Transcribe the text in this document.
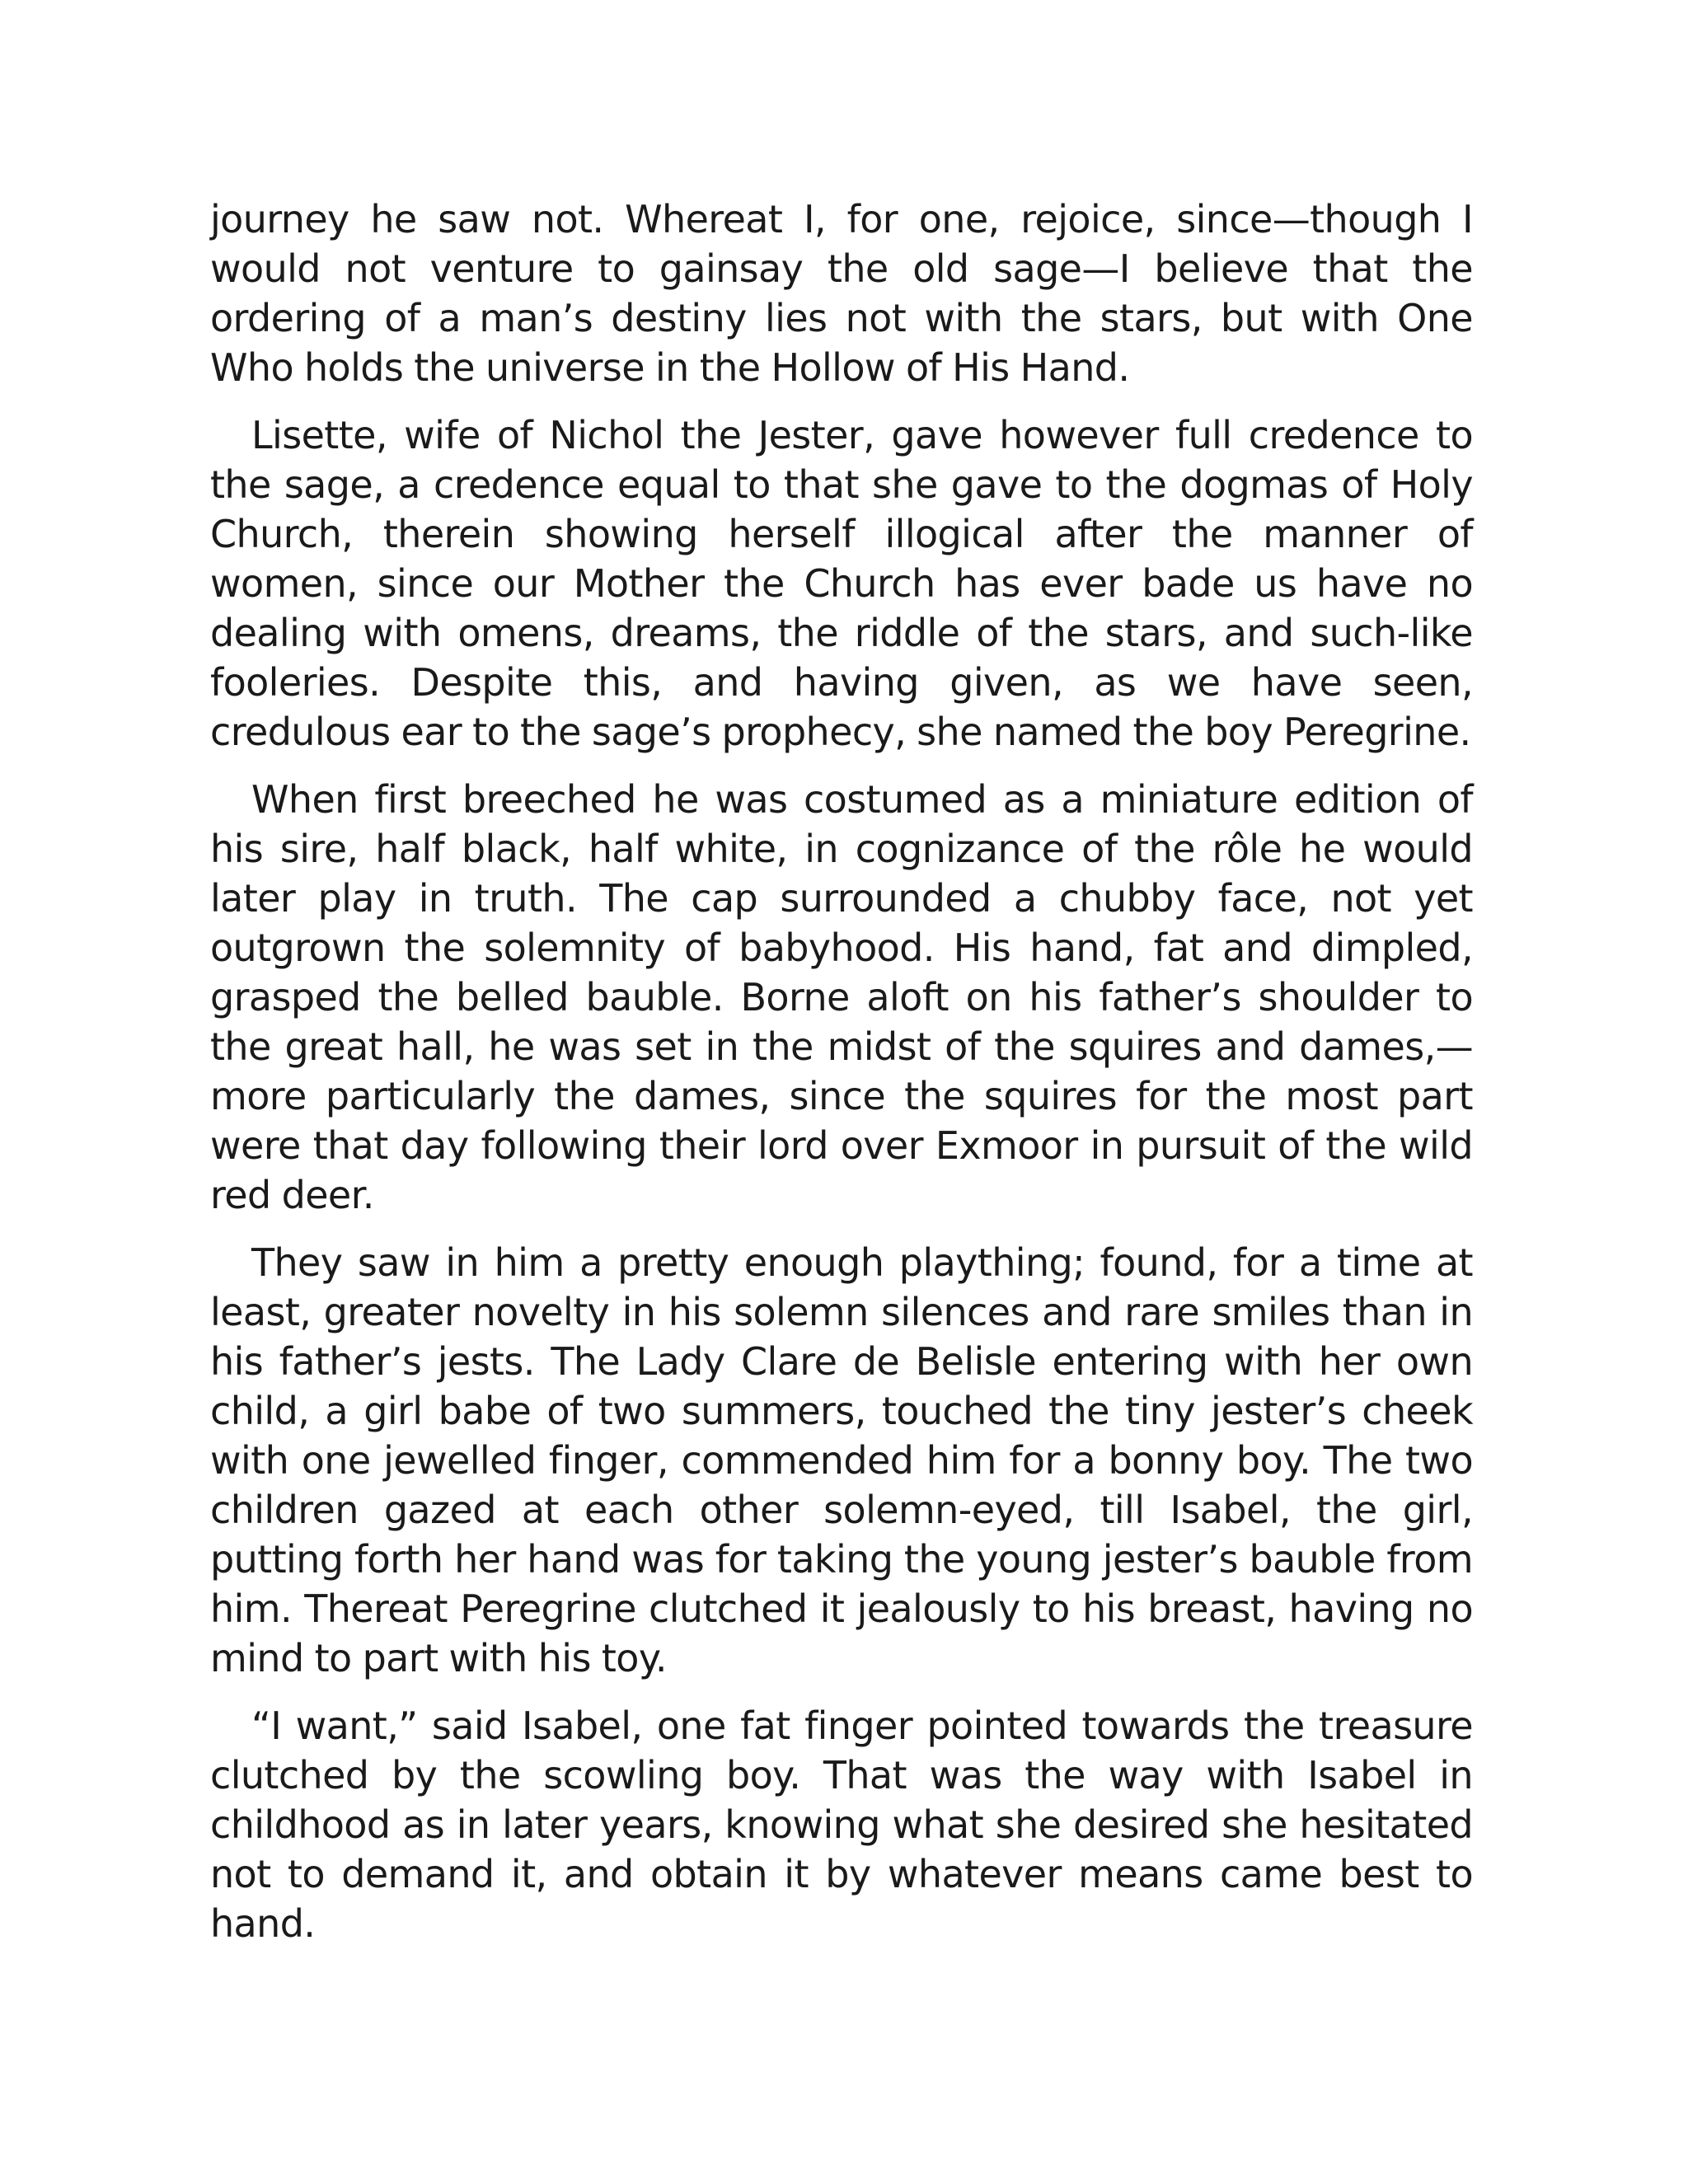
journey he saw not. Whereat I, for one, rejoice, since—though I would not venture to gainsay the old sage—I believe that the ordering of a man’s destiny lies not with the stars, but with One Who holds the universe in the Hollow of His Hand.

Lisette, wife of Nichol the Jester, gave however full credence to the sage, a credence equal to that she gave to the dogmas of Holy Church, therein showing herself illogical after the manner of women, since our Mother the Church has ever bade us have no dealing with omens, dreams, the riddle of the stars, and such-like fooleries. Despite this, and having given, as we have seen, credulous ear to the sage’s prophecy, she named the boy Peregrine.

When first breeched he was costumed as a miniature edition of his sire, half black, half white, in cognizance of the rôle he would later play in truth. The cap surrounded a chubby face, not yet outgrown the solemnity of babyhood. His hand, fat and dimpled, grasped the belled bauble. Borne aloft on his father’s shoulder to the great hall, he was set in the midst of the squires and dames,—more particularly the dames, since the squires for the most part were that day following their lord over Exmoor in pursuit of the wild red deer.

They saw in him a pretty enough plaything; found, for a time at least, greater novelty in his solemn silences and rare smiles than in his father’s jests. The Lady Clare de Belisle entering with her own child, a girl babe of two summers, touched the tiny jester’s cheek with one jewelled finger, commended him for a bonny boy. The two children gazed at each other solemn-eyed, till Isabel, the girl, putting forth her hand was for taking the young jester’s bauble from him. Thereat Peregrine clutched it jealously to his breast, having no mind to part with his toy.

“I want,” said Isabel, one fat finger pointed towards the treasure clutched by the scowling boy. That was the way with Isabel in childhood as in later years, knowing what she desired she hesitated not to demand it, and obtain it by whatever means came best to hand.
